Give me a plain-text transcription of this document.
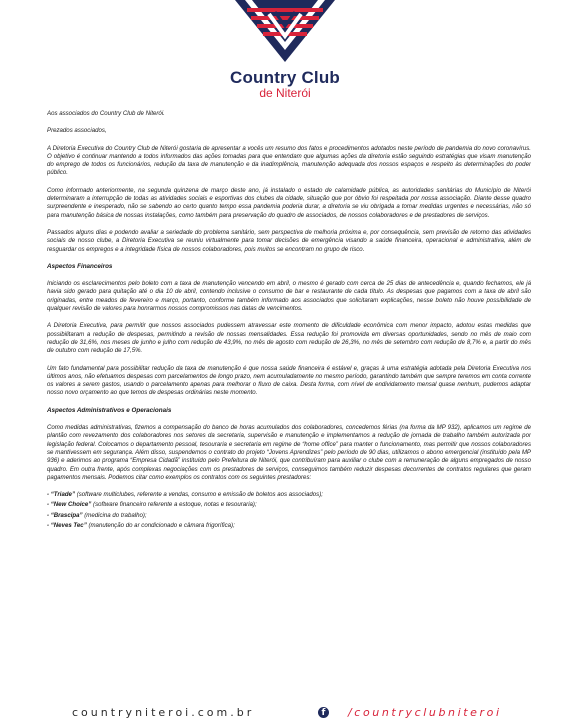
Country Club
de Niterói

Aos associados do Country Club de Niterói.

Prezados associados,

A Diretoria Executiva do Country Club de Niterói gostaria de apresentar a vocês um resumo dos fatos e procedimentos adotados neste período de pandemia do novo coronavírus. O objetivo é continuar mantendo a todos informados das ações tomadas para que entendam que algumas ações da diretoria estão seguindo estratégias que visam manutenção do emprego de todos os funcionários, redução da taxa de manutenção e da inadimplência, manutenção adequada dos nossos espaços e respeito às determinações do poder público.

Como informado anteriormente, na segunda quinzena de março deste ano, já instalado o estado de calamidade pública, as autoridades sanitárias do Município de Niterói determinaram a interrupção de todas as atividades sociais e esportivas dos clubes da cidade, situação que por óbvio foi respeitada por nossa associação. Diante desse quadro surpreendente e inesperado, não se sabendo ao certo quanto tempo essa pandemia poderia durar, a diretoria se viu obrigada a tomar medidas urgentes e necessárias, não só para manutenção básica de nossas instalações, como também para preservação do quadro de associados, de nossos colaboradores e de prestadores de serviços.

Passados alguns dias e podendo avaliar a seriedade do problema sanitário, sem perspectiva de melhoria próxima e, por consequência, sem previsão de retorno das atividades sociais de nosso clube, a Diretoria Executiva se reuniu virtualmente para tomar decisões de emergência visando a saúde financeira, operacional e administrativa, além de resguardar os empregos e a integridade física de nossos colaboradores, pois muitos se encontram no grupo de risco.

Aspectos Financeiros

Iniciando os esclarecimentos pelo boleto com a taxa de manutenção vencendo em abril, o mesmo é gerado com cerca de 25 dias de antecedência e, quando fechamos, ele já havia sido gerado para quitação até o dia 10 de abril, contendo inclusive o consumo de bar e restaurante de cada título. As despesas que pagamos com a taxa de abril são originadas, entre meados de fevereiro e março, portanto, conforme também informado aos associados que solicitaram explicações, nesse boleto não houve possibilidade de qualquer revisão de valores para honrarmos nossos compromissos nas datas de vencimentos.

A Diretoria Executiva, para permitir que nossos associados pudessem atravessar este momento de dificuldade econômica com menor impacto, adotou estas medidas que possibilitaram a redução de despesas, permitindo a revisão de nossas mensalidades. Essa redução foi promovida em diversas oportunidades, sendo no mês de maio com redução de 31,6%, nos meses de junho e julho com redução de 43,9%, no mês de agosto com redução de 26,3%, no mês de setembro com redução de 8,7% e, a partir do mês de outubro com redução de 17,5%.

Um fato fundamental para possibilitar redução da taxa de manutenção é que nossa saúde financeira é estável e, graças à uma estratégia adotada pela Diretoria Executiva nos últimos anos, não efetuamos despesas com parcelamentos de longo prazo, nem acumuladamente no mesmo período, garantindo também que sempre teremos em conta corrente os valores a serem gastos, usando o parcelamento apenas para melhorar o fluxo de caixa. Desta forma, com nível de endividamento mensal quase nenhum, pudemos adaptar nosso novo orçamento ao que temos de despesas ordinárias neste momento.

Aspectos Administrativos e Operacionais

Como medidas administrativas, fizemos a compensação do banco de horas acumulados dos colaboradores, concedemos férias (na forma da MP 932), aplicamos um regime de plantão com revezamento dos colaboradores nos setores da secretaria, supervisão e manutenção e implementamos a redução de jornada de trabalho também autorizada por legislação federal. Colocamos o departamento pessoal, tesouraria e secretaria em regime de “home office” para manter o funcionamento, mas permitir que nossos colaboradores se mantivessem em segurança. Além disso, suspendemos o contrato do projeto “Jovens Aprendizes” pelo período de 90 dias, utilizamos o abono emergencial (instituído pela MP 936) e aderimos ao programa “Empresa Cidadã” instituído pelo Prefeitura de Niterói, que contribuíram para auxiliar o clube com a remuneração de alguns empregados de nosso quadro. Em outra frente, após complexas negociações com os prestadores de serviços, conseguimos também reduzir despesas decorrentes de contratos regulares que geram pagamentos mensais. Podemos citar como exemplos os contratos com os seguintes prestadores:

- “Triade” (software multiclubes, referente a vendas, consumo e emissão de boletos aos associados);
- “New Choice” (software financeiro referente a estoque, notas e tesouraria);
- “Brascipa” (medicina do trabalho);
- “Neves Tec” (manutenção do ar condicionado e câmara frigorífica);
countryniteroi.com.br	f	/countryclubniteroi
